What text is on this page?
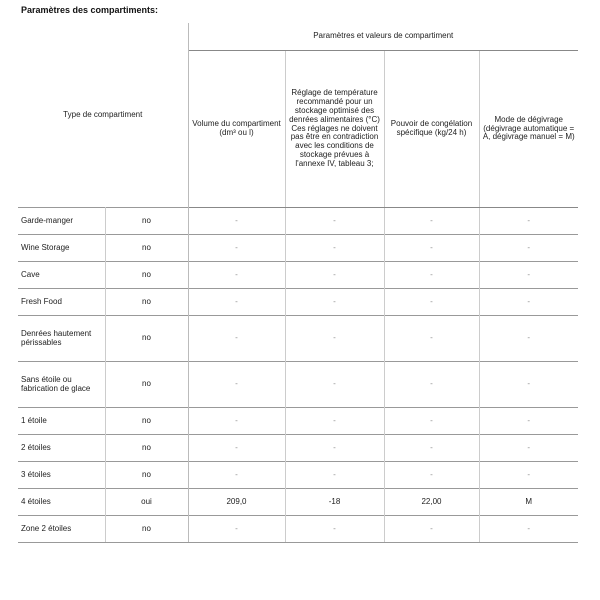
Paramètres des compartiments:
Type de compartiment		Paramètres et valeurs de compartiment			
		Volume du compartiment (dm³ ou l)	Réglage de température recommandé pour un stockage optimisé des denrées alimentaires (°C) Ces réglages ne doivent pas être en contradiction avec les conditions de stockage prévues à l'annexe IV, tableau 3;	Pouvoir de congélation spécifique (kg/24 h)	Mode de dégivrage (dégivrage automatique = A, dégivrage manuel = M)
Garde-manger	no	-	-	-	-
Wine Storage	no	-	-	-	-
Cave	no	-	-	-	-
Fresh Food	no	-	-	-	-
Denrées hautement périssables	no	-	-	-	-
Sans étoile ou fabrication de glace	no	-	-	-	-
1 étoile	no	-	-	-	-
2 étoiles	no	-	-	-	-
3 étoiles	no	-	-	-	-
4 étoiles	oui	209,0	-18	22,00	M
Zone 2 étoiles	no	-	-	-	-
